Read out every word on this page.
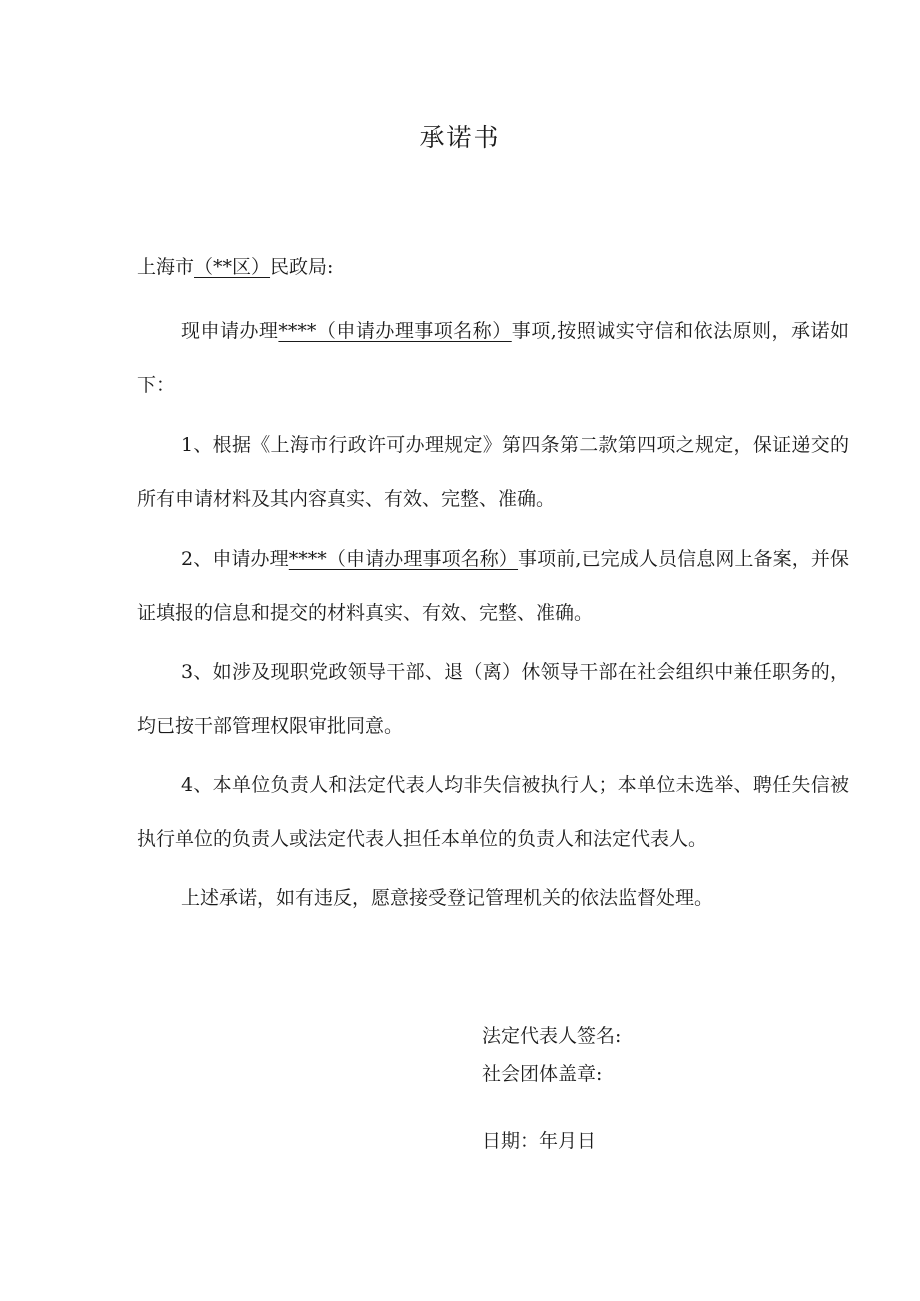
承诺书
上海市（**区）民政局:
现申请办理****（申请办理事项名称）事项,按照诚实守信和依法原则，承诺如下：
1、根据《上海市行政许可办理规定》第四条第二款第四项之规定，保证递交的所有申请材料及其内容真实、有效、完整、准确。
2、申请办理****（申请办理事项名称）事项前,已完成人员信息网上备案，并保证填报的信息和提交的材料真实、有效、完整、准确。
3、如涉及现职党政领导干部、退（离）休领导干部在社会组织中兼任职务的，均已按干部管理权限审批同意。
4、本单位负责人和法定代表人均非失信被执行人；本单位未选举、聘任失信被执行单位的负责人或法定代表人担任本单位的负责人和法定代表人。
上述承诺，如有违反，愿意接受登记管理机关的依法监督处理。
法定代表人签名:
社会团体盖章:
日期：年月日
